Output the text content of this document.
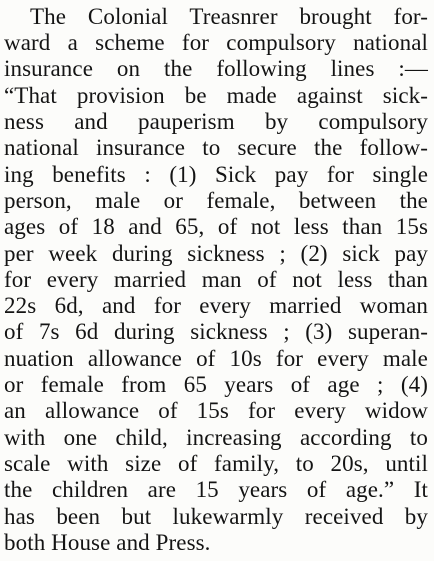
The Colonial Treasnrer brought for-
ward a scheme for compulsory national
insurance on the following lines :—
“That provision be made against sick-
ness and pauperism by compulsory
national insurance to secure the follow-
ing benefits : (1) Sick pay for single
person, male or female, between the
ages of 18 and 65, of not less than 15s
per week during sickness ; (2) sick pay
for every married man of not less than
22s 6d, and for every married woman
of 7s 6d during sickness ; (3) superan-
nuation allowance of 10s for every male
or female from 65 years of age ; (4)
an allowance of 15s for every widow
with one child, increasing according to
scale with size of family, to 20s, until
the children are 15 years of age.” It
has been but lukewarmly received by
both House and Press.
